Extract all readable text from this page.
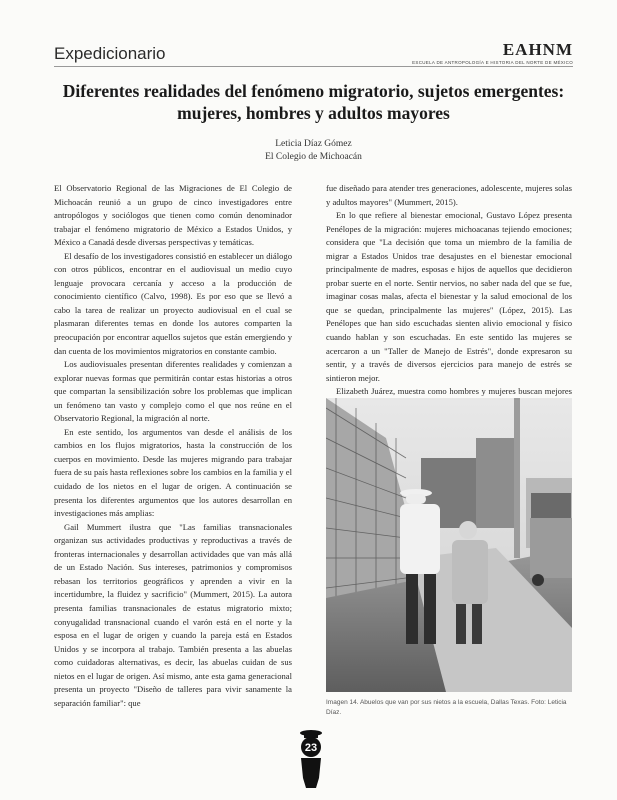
Expedicionario	EAHNM
ESCUELA DE ANTROPOLOGÍA E HISTORIA DEL NORTE DE MÉXICO
Diferentes realidades del fenómeno migratorio, sujetos emergentes:
mujeres, hombres y adultos mayores
Leticia Díaz Gómez
El Colegio de Michoacán

El Observatorio Regional de las Migraciones de El Colegio de Michoacán reunió a un grupo de cinco investigadores entre antropólogos y sociólogos que tienen como común denominador trabajar el fenómeno migratorio de México a Estados Unidos, y México a Canadá desde diversas perspectivas y temáticas.

El desafío de los investigadores consistió en establecer un diálogo con otros públicos, encontrar en el audiovisual un medio cuyo lenguaje provocara cercanía y acceso a la producción de conocimiento científico (Calvo, 1998). Es por eso que se llevó a cabo la tarea de realizar un proyecto audiovisual en el cual se plasmaran diferentes temas en donde los autores comparten la preocupación por encontrar aquellos sujetos que están emergiendo y dan cuenta de los movimientos migratorios en constante cambio.

Los audiovisuales presentan diferentes realidades y comienzan a explorar nuevas formas que permitirán contar estas historias a otros que compartan la sensibilización sobre los problemas que implican un fenómeno tan vasto y complejo como el que nos reúne en el Observatorio Regional, la migración al norte.

En este sentido, los argumentos van desde el análisis de los cambios en los flujos migratorios, hasta la construcción de los cuerpos en movimiento. Desde las mujeres migrando para trabajar fuera de su país hasta reflexiones sobre los cambios en la familia y el cuidado de los nietos en el lugar de origen. A continuación se presenta los diferentes argumentos que los autores desarrollan en investigaciones más amplias:

Gail Mummert ilustra que "Las familias transnacionales organizan sus actividades productivas y reproductivas a través de fronteras internacionales y desarrollan actividades que van más allá de un Estado Nación. Sus intereses, patrimonios y compromisos rebasan los territorios geográficos y aprenden a vivir en la incertidumbre, la fluidez y sacrificio" (Mummert, 2015). La autora presenta familias transnacionales de estatus migratorio mixto; conyugalidad transnacional cuando el varón está en el norte y la esposa en el lugar de origen y cuando la pareja está en Estados Unidos y se incorpora al trabajo. También presenta a las abuelas como cuidadoras alternativas, es decir, las abuelas cuidan de sus nietos en el lugar de origen. Así mismo, ante esta gama generacional presenta un proyecto "Diseño de talleres para vivir sanamente la separación familiar": que

fue diseñado para atender tres generaciones, adolescente, mujeres solas y adultos mayores" (Mummert, 2015).

En lo que refiere al bienestar emocional, Gustavo López presenta Penélopes de la migración: mujeres michoacanas tejiendo emociones; considera que "La decisión que toma un miembro de la familia de migrar a Estados Unidos trae desajustes en el bienestar emocional principalmente de madres, esposas e hijos de aquellos que decidieron probar suerte en el norte. Sentir nervios, no saber nada del que se fue, imaginar cosas malas, afecta el bienestar y la salud emocional de los que se quedan, principalmente las mujeres" (López, 2015). Las Penélopes que han sido escuchadas sienten alivio emocional y físico cuando hablan y son escuchadas. En este sentido las mujeres se acercaron a un "Taller de Manejo de Estrés", donde expresaron su sentir, y a través de diversos ejercicios para manejo de estrés se sintieron mejor.

Elizabeth Juárez, muestra como hombres y mujeres buscan mejores

Imagen 14. Abuelos que van por sus nietos a la escuela, Dallas Texas. Foto: Leticia Díaz.
23
